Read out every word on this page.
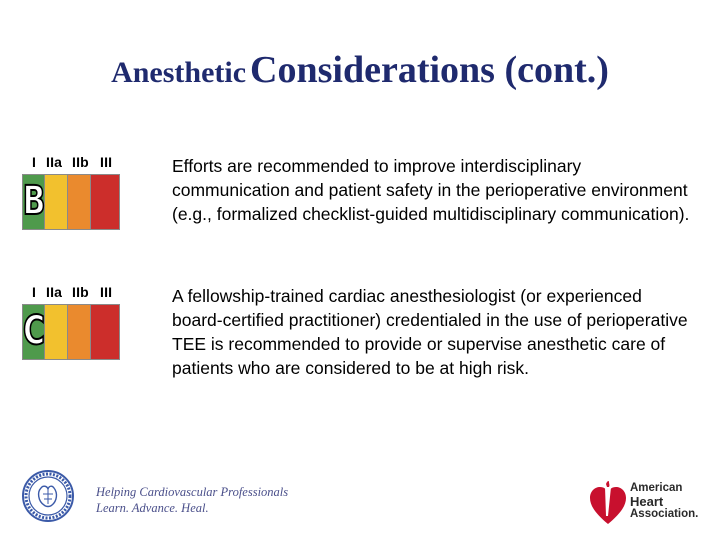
Anesthetic Considerations (cont.)
I IIa IIb III
B
Efforts are recommended to improve interdisciplinary communication and patient safety in the perioperative environment (e.g., formalized checklist-guided multidisciplinary communication).
I IIa IIb III
C
A fellowship-trained cardiac anesthesiologist (or experienced board-certified practitioner) credentialed in the use of perioperative TEE is recommended to provide or supervise anesthetic care of patients who are considered to be at high risk.
Helping Cardiovascular Professionals
Learn. Advance. Heal.
American
Heart
Association.
